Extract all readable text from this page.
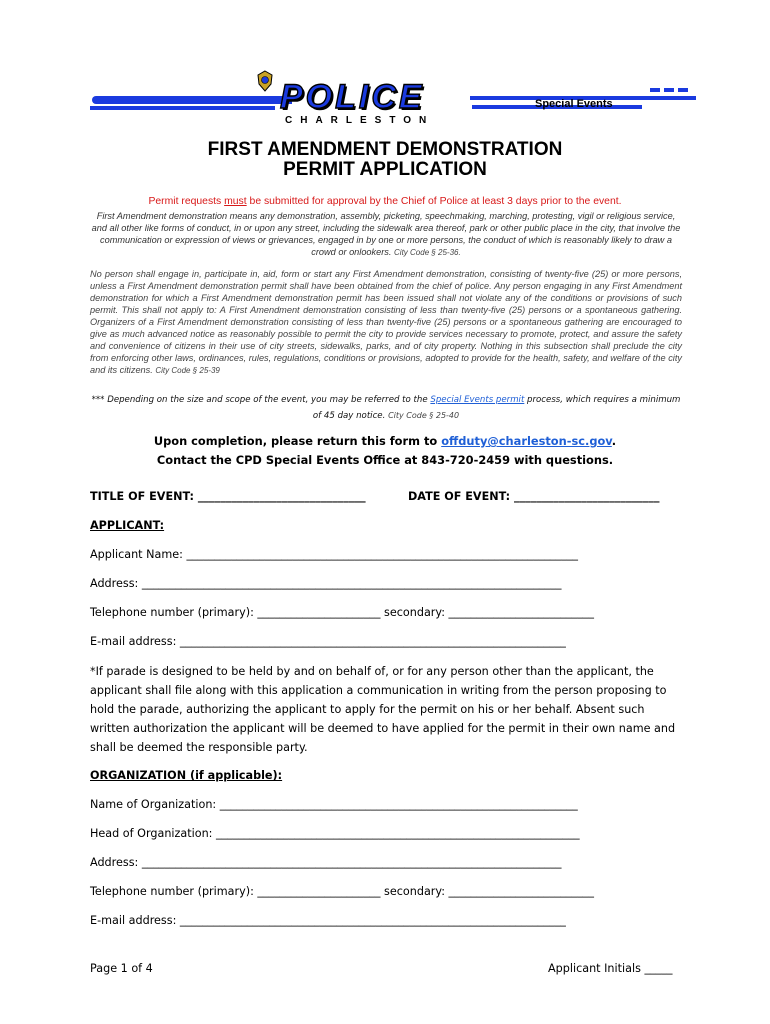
POLICE
CHARLESTON
Special Events
FIRST AMENDMENT DEMONSTRATION
PERMIT APPLICATION
Permit requests must be submitted for approval by the Chief of Police at least 3 days prior to the event.
First Amendment demonstration means any demonstration, assembly, picketing, speechmaking, marching, protesting, vigil or religious service, and all other like forms of conduct, in or upon any street, including the sidewalk area thereof, park or other public place in the city, that involve the communication or expression of views or grievances, engaged in by one or more persons, the conduct of which is reasonably likely to draw a crowd or onlookers. City Code § 25-36.
No person shall engage in, participate in, aid, form or start any First Amendment demonstration, consisting of twenty-five (25) or more persons, unless a First Amendment demonstration permit shall have been obtained from the chief of police. Any person engaging in any First Amendment demonstration for which a First Amendment demonstration permit has been issued shall not violate any of the conditions or provisions of such permit. This shall not apply to: A First Amendment demonstration consisting of less than twenty-five (25) persons or a spontaneous gathering. Organizers of a First Amendment demonstration consisting of less than twenty-five (25) persons or a spontaneous gathering are encouraged to give as much advanced notice as reasonably possible to permit the city to provide services necessary to promote, protect, and assure the safety and convenience of citizens in their use of city streets, sidewalks, parks, and of city property. Nothing in this subsection shall preclude the city from enforcing other laws, ordinances, rules, regulations, conditions or provisions, adopted to provide for the health, safety, and welfare of the city and its citizens. City Code § 25-39
*** Depending on the size and scope of the event, you may be referred to the Special Events permit process, which requires a minimum of 45 day notice. City Code § 25-40
Upon completion, please return this form to offduty@charleston-sc.gov.
Contact the CPD Special Events Office at 843-720-2459 with questions.
TITLE OF EVENT: ______________________________	DATE OF EVENT: __________________________
APPLICANT:
Applicant Name: ______________________________________________________________________
Address: ___________________________________________________________________________
Telephone number (primary): ______________________ secondary: __________________________
E-mail address: _____________________________________________________________________
*If parade is designed to be held by and on behalf of, or for any person other than the applicant, the applicant shall file along with this application a communication in writing from the person proposing to hold the parade, authorizing the applicant to apply for the permit on his or her behalf. Absent such written authorization the applicant will be deemed to have applied for the permit in their own name and shall be deemed the responsible party.
ORGANIZATION (if applicable):
Name of Organization: ________________________________________________________________
Head of Organization: _________________________________________________________________
Address: ___________________________________________________________________________
Telephone number (primary): ______________________ secondary: __________________________
E-mail address: _____________________________________________________________________
Page 1 of 4	Applicant Initials _____
